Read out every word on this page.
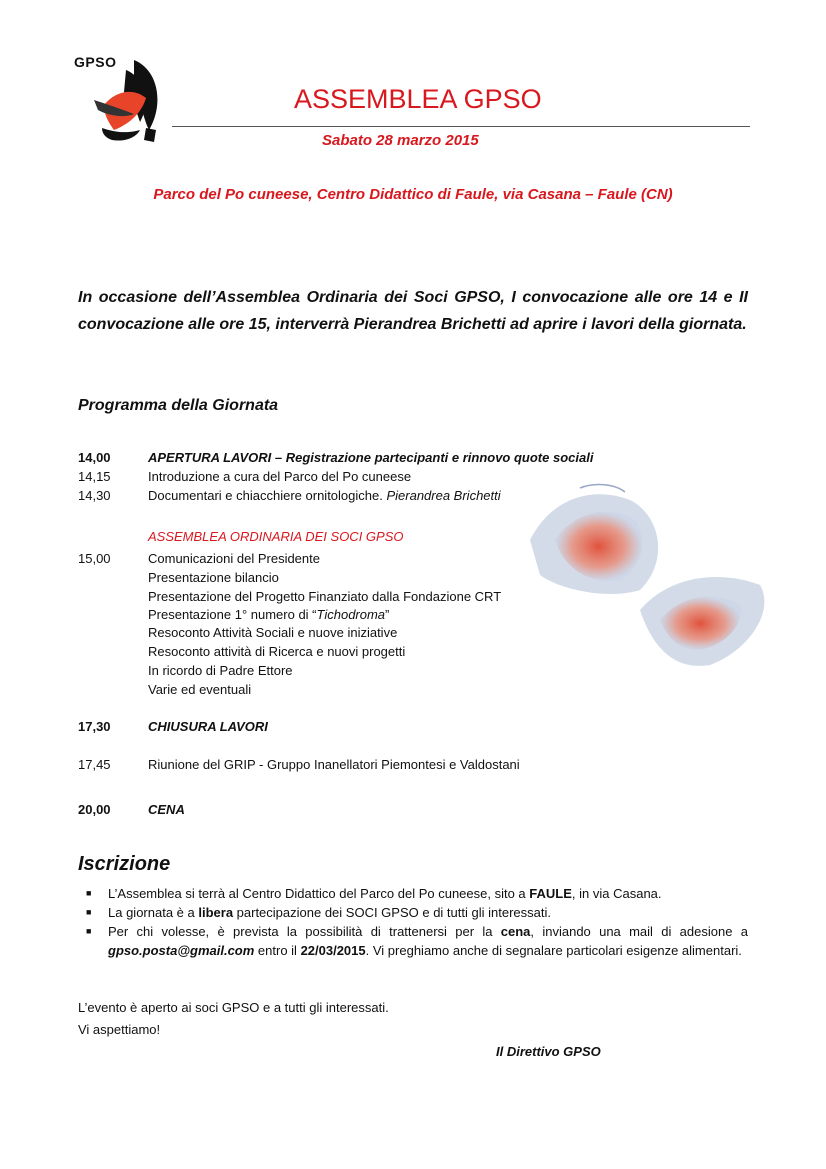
GPSO
ASSEMBLEA GPSO
Sabato 28 marzo 2015
Parco del Po cuneese, Centro Didattico di Faule, via Casana – Faule (CN)
In occasione dell’Assemblea Ordinaria dei Soci GPSO, I convocazione alle ore 14 e II convocazione alle ore 15, interverrà Pierandrea Brichetti ad aprire i lavori della giornata.
Programma della Giornata
14,00	APERTURA LAVORI – Registrazione partecipanti e rinnovo quote sociali
14,15	Introduzione a cura del Parco del Po cuneese
14,30	Documentari e chiacchiere ornitologiche. Pierandrea Brichetti
ASSEMBLEA ORDINARIA DEI SOCI GPSO
15,00	Comunicazioni del Presidente
Presentazione bilancio
Presentazione del Progetto Finanziato dalla Fondazione CRT
Presentazione 1° numero di “Tichodroma”
Resoconto Attività Sociali e nuove iniziative
Resoconto attività di Ricerca e nuovi progetti
In ricordo di Padre Ettore
Varie ed eventuali
17,30	CHIUSURA LAVORI
17,45	Riunione del GRIP - Gruppo Inanellatori Piemontesi e Valdostani
20,00	CENA
Iscrizione
■ L’Assemblea si terrà al Centro Didattico del Parco del Po cuneese, sito a FAULE, in via Casana.
■ La giornata è a libera partecipazione dei SOCI GPSO e di tutti gli interessati.
■ Per chi volesse, è prevista la possibilità di trattenersi per la cena, inviando una mail di adesione a gpso.posta@gmail.com entro il 22/03/2015. Vi preghiamo anche di segnalare particolari esigenze alimentari.
L’evento è aperto ai soci GPSO e a tutti gli interessati.
Vi aspettiamo!
Il Direttivo GPSO
